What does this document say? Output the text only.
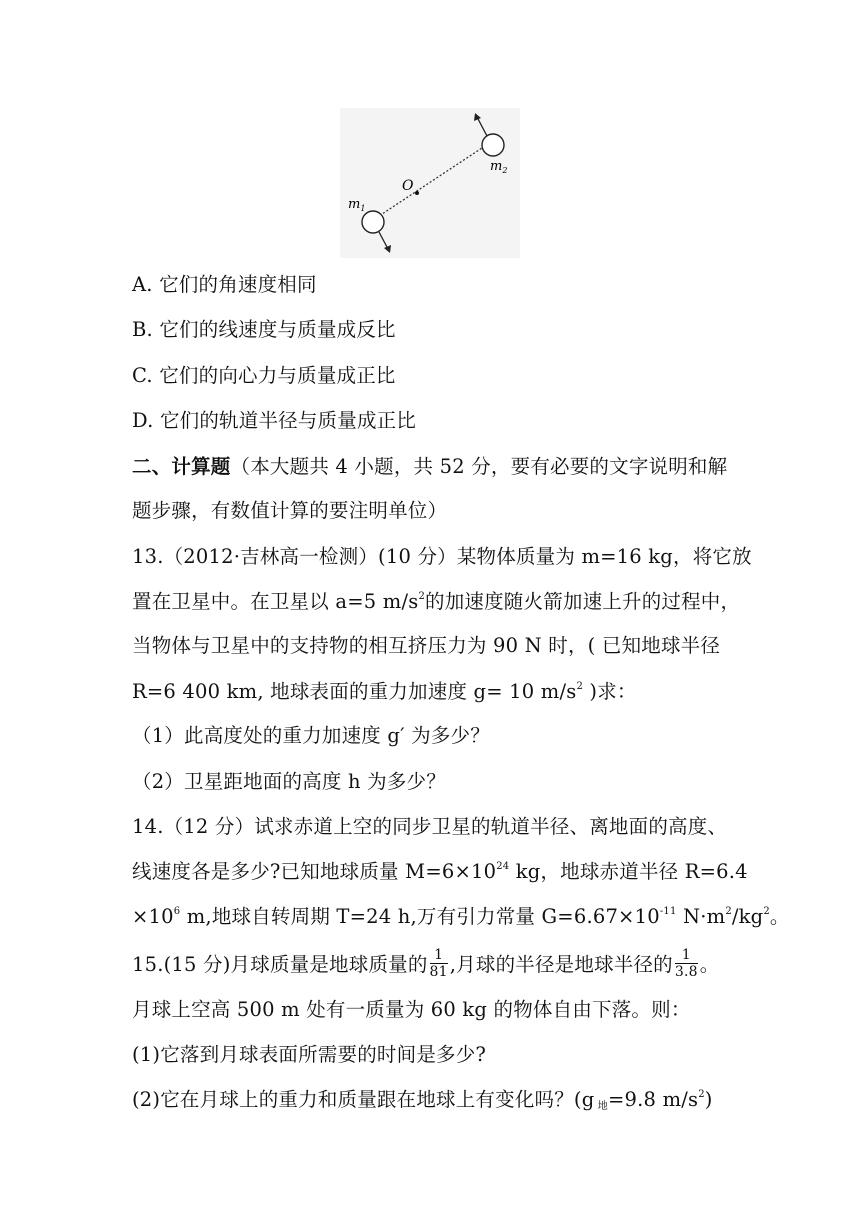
O
$m_1$
$m_2$
A. 它们的角速度相同
B. 它们的线速度与质量成反比
C. 它们的向心力与质量成正比
D. 它们的轨道半径与质量成正比
二、计算题（本大题共 4 小题，共 52 分，要有必要的文字说明和解
题步骤，有数值计算的要注明单位）
13.（2012·吉林高一检测）(10 分）某物体质量为 m=16 kg，将它放
置在卫星中。在卫星以 a=5 $m/s^2$的加速度随火箭加速上升的过程中，
当物体与卫星中的支持物的相互挤压力为 90 N 时，( 已知地球半径
R=6 400 km, 地球表面的重力加速度 g= 10 $m/s^2$ )求：
（1）此高度处的重力加速度 g′ 为多少？
（2）卫星距地面的高度 h 为多少？
14.（12 分）试求赤道上空的同步卫星的轨道半径、离地面的高度、
线速度各是多少?已知地球质量 $M=6\times 10^{24}$ kg，地球赤道半径 R=6.4
$\times 10^6$ m,地球自转周期 T=24 h,万有引力常量 $G=6.67\times 10^{-11}$ $N\cdot m^2/kg^2$。
15.(15 分)月球质量是地球质量的 $\frac{1}{81}$ ,月球的半径是地球半径的 $\frac{1}{3.8}$ 。
月球上空高 500 m 处有一质量为 60 kg 的物体自由下落。则：
(1)它落到月球表面所需要的时间是多少?
(2)它在月球上的重力和质量跟在地球上有变化吗？(g $_地$=9.8 $m/s^2$)
